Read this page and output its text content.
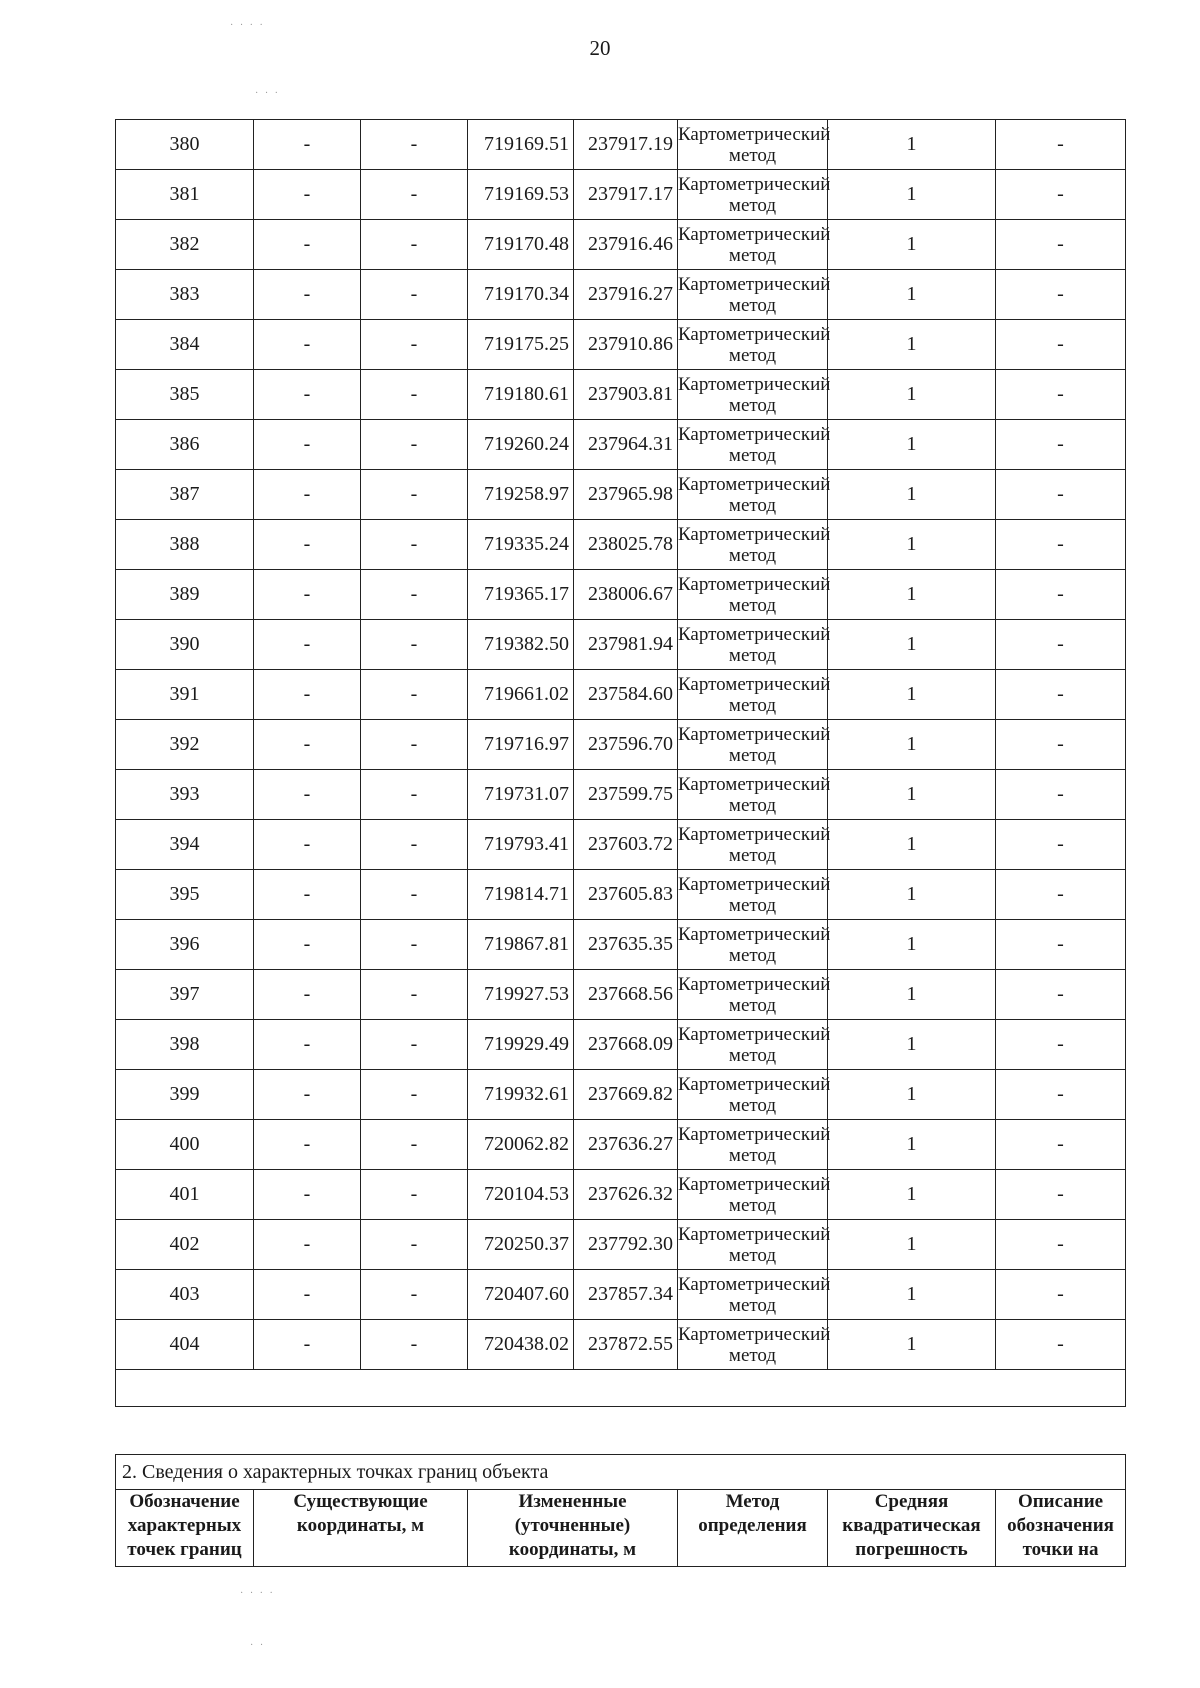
20
· · · ·
· · ·
· · · ·
· ·
380	-	-	719169.51	237917.19	Картометрический метод	1	-
381	-	-	719169.53	237917.17	Картометрический метод	1	-
382	-	-	719170.48	237916.46	Картометрический метод	1	-
383	-	-	719170.34	237916.27	Картометрический метод	1	-
384	-	-	719175.25	237910.86	Картометрический метод	1	-
385	-	-	719180.61	237903.81	Картометрический метод	1	-
386	-	-	719260.24	237964.31	Картометрический метод	1	-
387	-	-	719258.97	237965.98	Картометрический метод	1	-
388	-	-	719335.24	238025.78	Картометрический метод	1	-
389	-	-	719365.17	238006.67	Картометрический метод	1	-
390	-	-	719382.50	237981.94	Картометрический метод	1	-
391	-	-	719661.02	237584.60	Картометрический метод	1	-
392	-	-	719716.97	237596.70	Картометрический метод	1	-
393	-	-	719731.07	237599.75	Картометрический метод	1	-
394	-	-	719793.41	237603.72	Картометрический метод	1	-
395	-	-	719814.71	237605.83	Картометрический метод	1	-
396	-	-	719867.81	237635.35	Картометрический метод	1	-
397	-	-	719927.53	237668.56	Картометрический метод	1	-
398	-	-	719929.49	237668.09	Картометрический метод	1	-
399	-	-	719932.61	237669.82	Картометрический метод	1	-
400	-	-	720062.82	237636.27	Картометрический метод	1	-
401	-	-	720104.53	237626.32	Картометрический метод	1	-
402	-	-	720250.37	237792.30	Картометрический метод	1	-
403	-	-	720407.60	237857.34	Картометрический метод	1	-
404	-	-	720438.02	237872.55	Картометрический метод	1	-

2. Сведения о характерных точках границ объекта
Обозначение характерных точек границ	Существующие координаты, м	Измененные (уточненные) координаты, м	Метод определения	Средняя квадратическая погрешность	Описание обозначения точки на
